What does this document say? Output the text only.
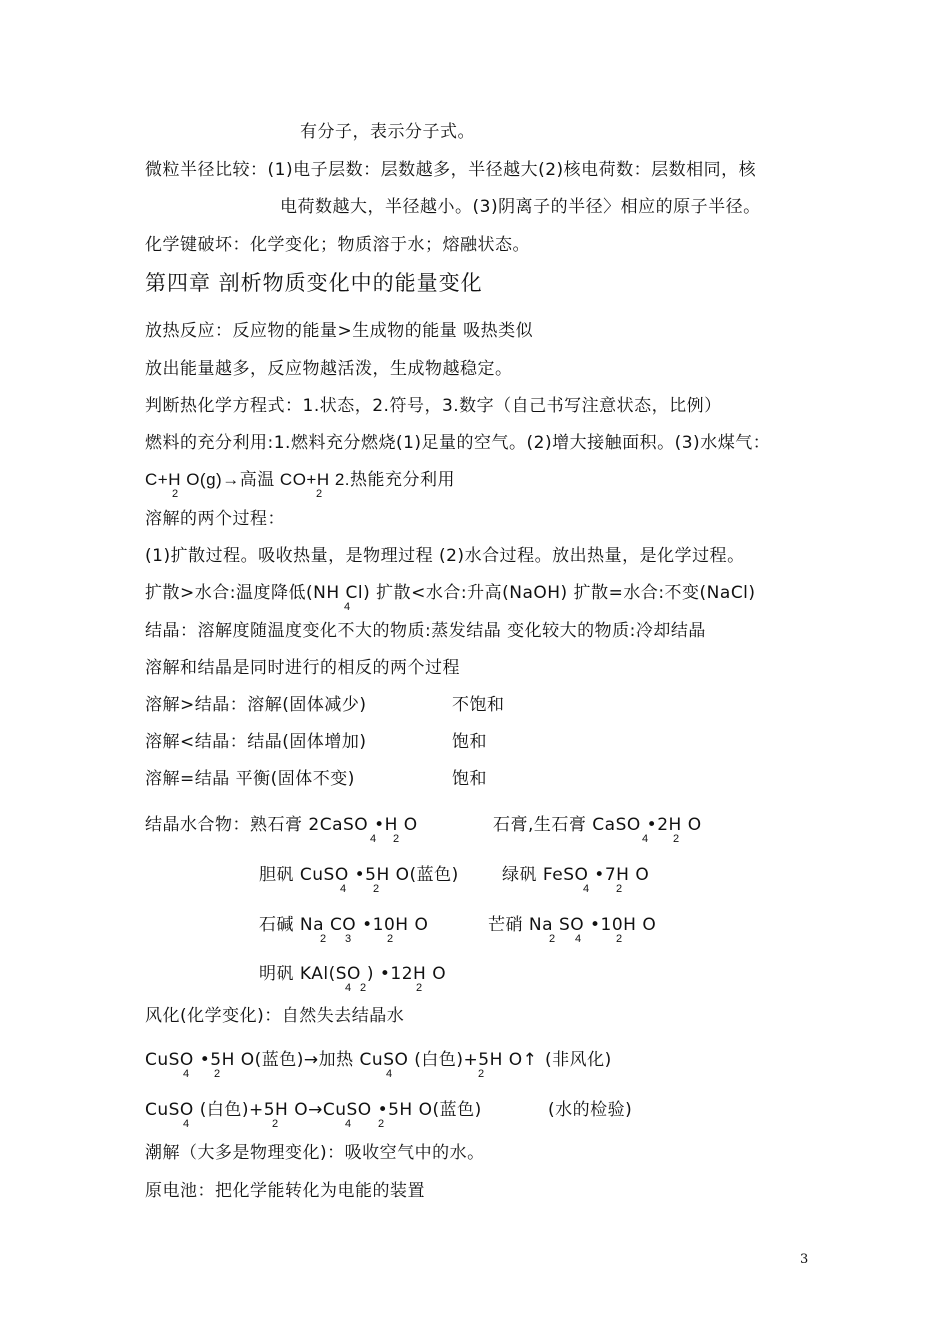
有分子，表示分子式。
微粒半径比较：(1)电子层数：层数越多，半径越大(2)核电荷数：层数相同，核
电荷数越大，半径越小。(3)阴离子的半径〉相应的原子半径。
化学键破坏：化学变化；物质溶于水；熔融状态。
第四章 剖析物质变化中的能量变化
放热反应：反应物的能量>生成物的能量 吸热类似
放出能量越多，反应物越活泼，生成物越稳定。
判断热化学方程式：1.状态，2.符号，3.数字（自己书写注意状态，比例）
燃料的充分利用:1.燃料充分燃烧(1)足量的空气。(2)增大接触面积。(3)水煤气：
C+H O(g)→高温 CO+H 2.热能充分利用
2	2
溶解的两个过程：
(1)扩散过程。吸收热量，是物理过程 (2)水合过程。放出热量，是化学过程。
扩散>水合:温度降低(NH Cl) 扩散<水合:升高(NaOH) 扩散=水合:不变(NaCl)
4
结晶：溶解度随温度变化不大的物质:蒸发结晶 变化较大的物质:冷却结晶
溶解和结晶是同时进行的相反的两个过程
溶解>结晶：溶解(固体减少)	不饱和
溶解<结晶：结晶(固体增加)	饱和
溶解=结晶 平衡(固体不变)	饱和
结晶水合物：熟石膏 2CaSO •H O
4 2
石膏,生石膏 CaSO •2H O
4 2
胆矾 CuSO •5H O(蓝色)
4 2
绿矾 FeSO •7H O
4 2
石碱 Na CO •10H O
2 3	2
芒硝 Na SO •10H O
2 4	2
明矾 KAl(SO ) •12H O
4 2	2
风化(化学变化)：自然失去结晶水
CuSO •5H O(蓝色)→加热 CuSO (白色)+5H O↑
4 2	4	2
(非风化)
CuSO (白色)+5H O→CuSO •5H O(蓝色)
4	2	4 2
(水的检验)
潮解（大多是物理变化)：吸收空气中的水。
原电池：把化学能转化为电能的装置
3
